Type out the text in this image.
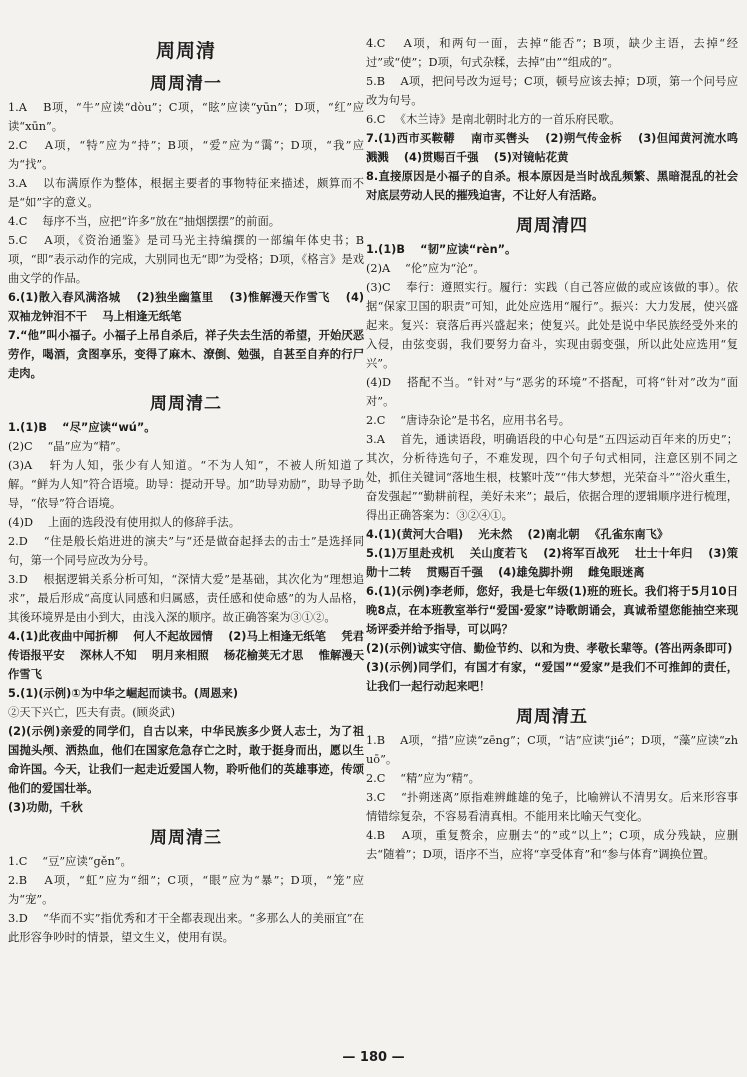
周周清
周周清一
1.A 　B项，“牛”应读“dòu”；C项，“眩”应读“yūn”；D项，“红”应读“xūn”。
2.C 　A项，“特”应为“持”；B项，“爱”应为“霭”；D项，“我”应为“找”。
3.A 　以布满原作为整体，根据主要者的事物特征来描述，颇算而不是“如”字的意义。
4.C 　每序不当，应把“许多”放在“抽烟摆摆”的前面。
5.C 　A项，《资治通鉴》是司马光主持编撰的一部编年体史书；B项，“即”表示动作的完成，大别同也无“即”为受格；D项，《格言》是戏曲文学的作品。
6.(1)散入春风满洛城 　(2)独坐幽篁里 　(3)惟解漫天作雪飞 　(4)双袖龙钟泪不干 　马上相逢无纸笔
7.“他”叫小福子。小福子上吊自杀后，祥子失去生活的希望，开始厌恶劳作，喝酒，贪图享乐，变得了麻木、潦倒、勉强，自甚至自弃的行尸走肉。
周周清二
1.(1)B 　“尽”应读“wú”。
(2)C 　“晶”应为“精”。
(3)A 　轩为人知，张少有人知道。“不为人知”，不被人所知道了解。“鲜为人知”符合语境。助导：提动开导。加“助导劝励”，助导予助导，“依导”符合语境。
(4)D 　上面的选段没有使用拟人的修辞手法。
2.D 　“住是般长焰进进的演夫”与“还是做奋起择去的击士”是选择同句，第一个同号应改为分号。
3.D 　根据逻辑关系分析可知，“深情大爱”是基础，其次化为“理想追求”，最后形成“高度认同感和归属感，责任感和使命感”的为人品格，其後环境界是由小到大，由浅入深的顺序。故正确答案为③①②。
4.(1)此夜曲中闻折柳 　何人不起故园情 　(2)马上相逢无纸笔 　凭君传语报平安 　深林人不知 　明月来相照 　杨花榆荚无才思 　惟解漫天作雪飞
5.(1)(示例)①为中华之崛起而读书。(周恩来)
②天下兴亡，匹夫有责。(顾炎武)
(2)(示例)亲爱的同学们，自古以来，中华民族多少贤人志士，为了祖国抛头颅、洒热血，他们在国家危急存亡之时，敢于挺身而出，愿以生命许国。今天，让我们一起走近爱国人物，聆听他们的英雄事迹，传颂他们的爱国壮举。
(3)功勋，千秋
周周清三
1.C 　“豆”应读“gěn”。
2.B 　A项，“虹”应为“细”；C项，“眼”应为“暴”；D项，“笼”应为“宠”。
3.D 　“华而不实”指优秀和才干全都表现出来。“多那么人的美丽宜”在此形容争吵时的情景，望文生义，使用有误。
4.C 　A项，和两句一面，去掉“能否”；B项，缺少主语，去掉“经过”或“使”；D项，句式杂糅，去掉“由”“组成的”。
5.B 　A项，把问号改为逗号；C项，顿号应该去掉；D项，第一个问号应改为句号。
6.C 　《木兰诗》是南北朝时北方的一首乐府民歌。
7.(1)西市买鞍鞯 　南市买辔头 　(2)朔气传金柝 　(3)但闻黄河流水鸣溅溅 　(4)贯赐百千强 　(5)对镜帖花黄
8.直接原因是小福子的自杀。根本原因是当时战乱频繁、黑暗混乱的社会对底层劳动人民的摧残迫害，不让好人有活路。
周周清四
1.(1)B 　“韧”应读“rèn”。
(2)A 　“伦”应为“沦”。
(3)C 　奉行：遵照实行。履行：实践（自己答应做的或应该做的事）。依据“保家卫国的职责”可知，此处应选用“履行”。振兴：大力发展，使兴盛起来。复兴：衰落后再兴盛起来；使复兴。此处是说中华民族经受外来的入侵，由弦变弱，我们要努力奋斗，实现由弱变强，所以此处应选用“复兴”。
(4)D 　搭配不当。“针对”与“恶劣的环境”不搭配，可将“针对”改为“面对”。
2.C 　“唐诗杂论”是书名，应用书名号。
3.A 　首先，通读语段，明确语段的中心句是“五四运动百年来的历史”；其次，分析待选句子，不难发现，四个句子句式相同，注意区别不同之处，抓住关键词“落地生根，枝繁叶茂”“伟大梦想，光荣奋斗”“浴火重生，奋发强起”“勤耕前程，美好未来”；最后，依据合理的逻辑顺序进行梳理，得出正确答案为：③②④①。
4.(1)(黄河大合唱) 　光未然 　(2)南北朝 　《孔雀东南飞》
5.(1)万里赴戎机 　关山度若飞 　(2)将军百战死 　壮士十年归 　(3)策勋十二转 　贯赐百千强 　(4)雄兔脚扑朔 　雌兔眼迷离
6.(1)(示例)李老师，您好，我是七年级(1)班的班长。我们将于5月10日晚8点，在本班教室举行“爱国·爱家”诗歌朗诵会，真诚希望您能抽空来现场评委并给予指导，可以吗？
(2)(示例)诚实守信、勤俭节约、以和为贵、孝敬长辈等。(答出两条即可)
(3)(示例)同学们，有国才有家，“爱国”“爱家”是我们不可推卸的责任，让我们一起行动起来吧！
周周清五
1.B 　A项，“措”应读“zēng”；C项，“诘”应读“jié”；D项，“藻”应读“zhuō”。
2.C 　“精”应为“精”。
3.C 　“扑朔迷离”原指难辨雌雄的兔子，比喻辨认不清男女。后来形容事情错综复杂，不容易看清真相。不能用来比喻天气变化。
4.B 　A项，重复赘余，应删去“的”或“以上”；C项，成分残缺，应删去“随着”；D项，语序不当，应将“享受体育”和“参与体育”调换位置。
— 180 —
